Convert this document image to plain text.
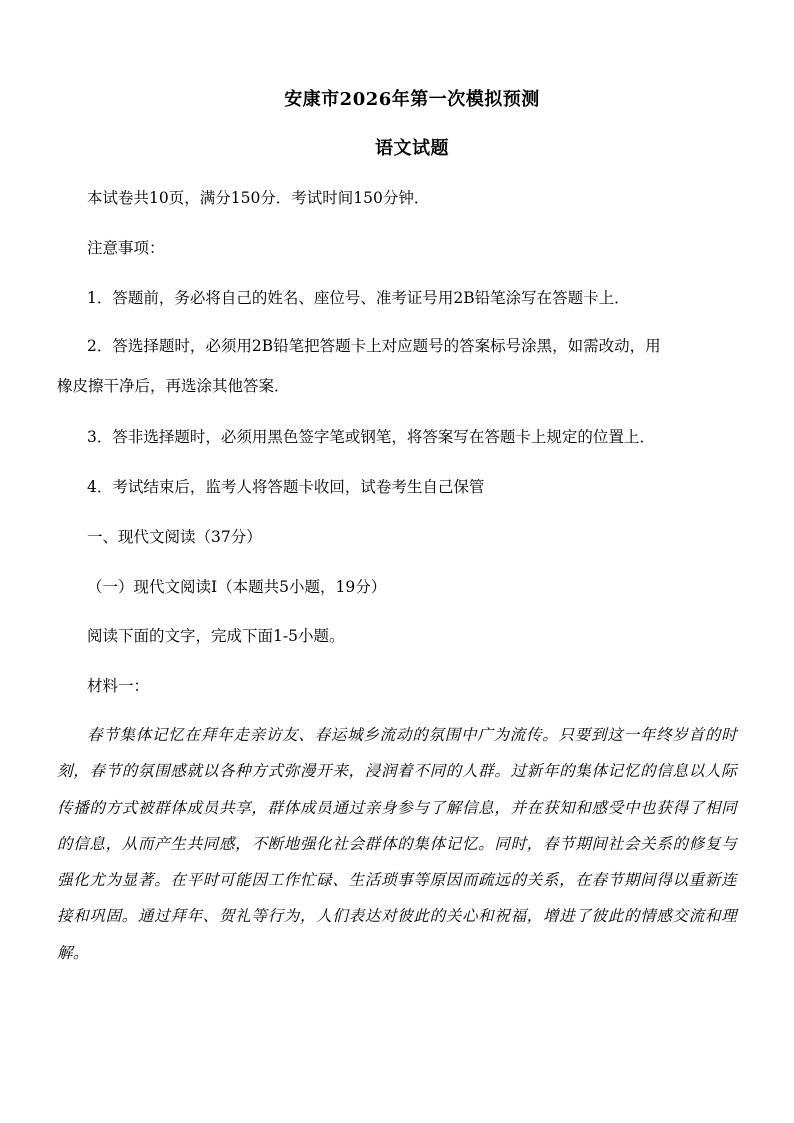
安康市2026年第一次模拟预测
语文试题
本试卷共10页，满分150分．考试时间150分钟．
注意事项：
1．答题前，务必将自己的姓名、座位号、准考证号用2B铅笔涂写在答题卡上．
2．答选择题时，必须用2B铅笔把答题卡上对应题号的答案标号涂黑，如需改动，用
橡皮擦干净后，再选涂其他答案．
3．答非选择题时，必须用黑色签字笔或钢笔，将答案写在答题卡上规定的位置上．
4．考试结束后，监考人将答题卡收回，试卷考生自己保管
一、现代文阅读（37分）
（一）现代文阅读Ⅰ（本题共5小题，19分）
阅读下面的文字，完成下面1-5小题。
材料一：
春节集体记忆在拜年走亲访友、春运城乡流动的氛围中广为流传。只要到这一年终岁首的时刻，春节的氛围感就以各种方式弥漫开来，浸润着不同的人群。过新年的集体记忆的信息以人际传播的方式被群体成员共享，群体成员通过亲身参与了解信息，并在获知和感受中也获得了相同的信息，从而产生共同感，不断地强化社会群体的集体记忆。同时，春节期间社会关系的修复与强化尤为显著。在平时可能因工作忙碌、生活琐事等原因而疏远的关系，在春节期间得以重新连接和巩固。通过拜年、贺礼等行为，人们表达对彼此的关心和祝福，增进了彼此的情感交流和理解。
